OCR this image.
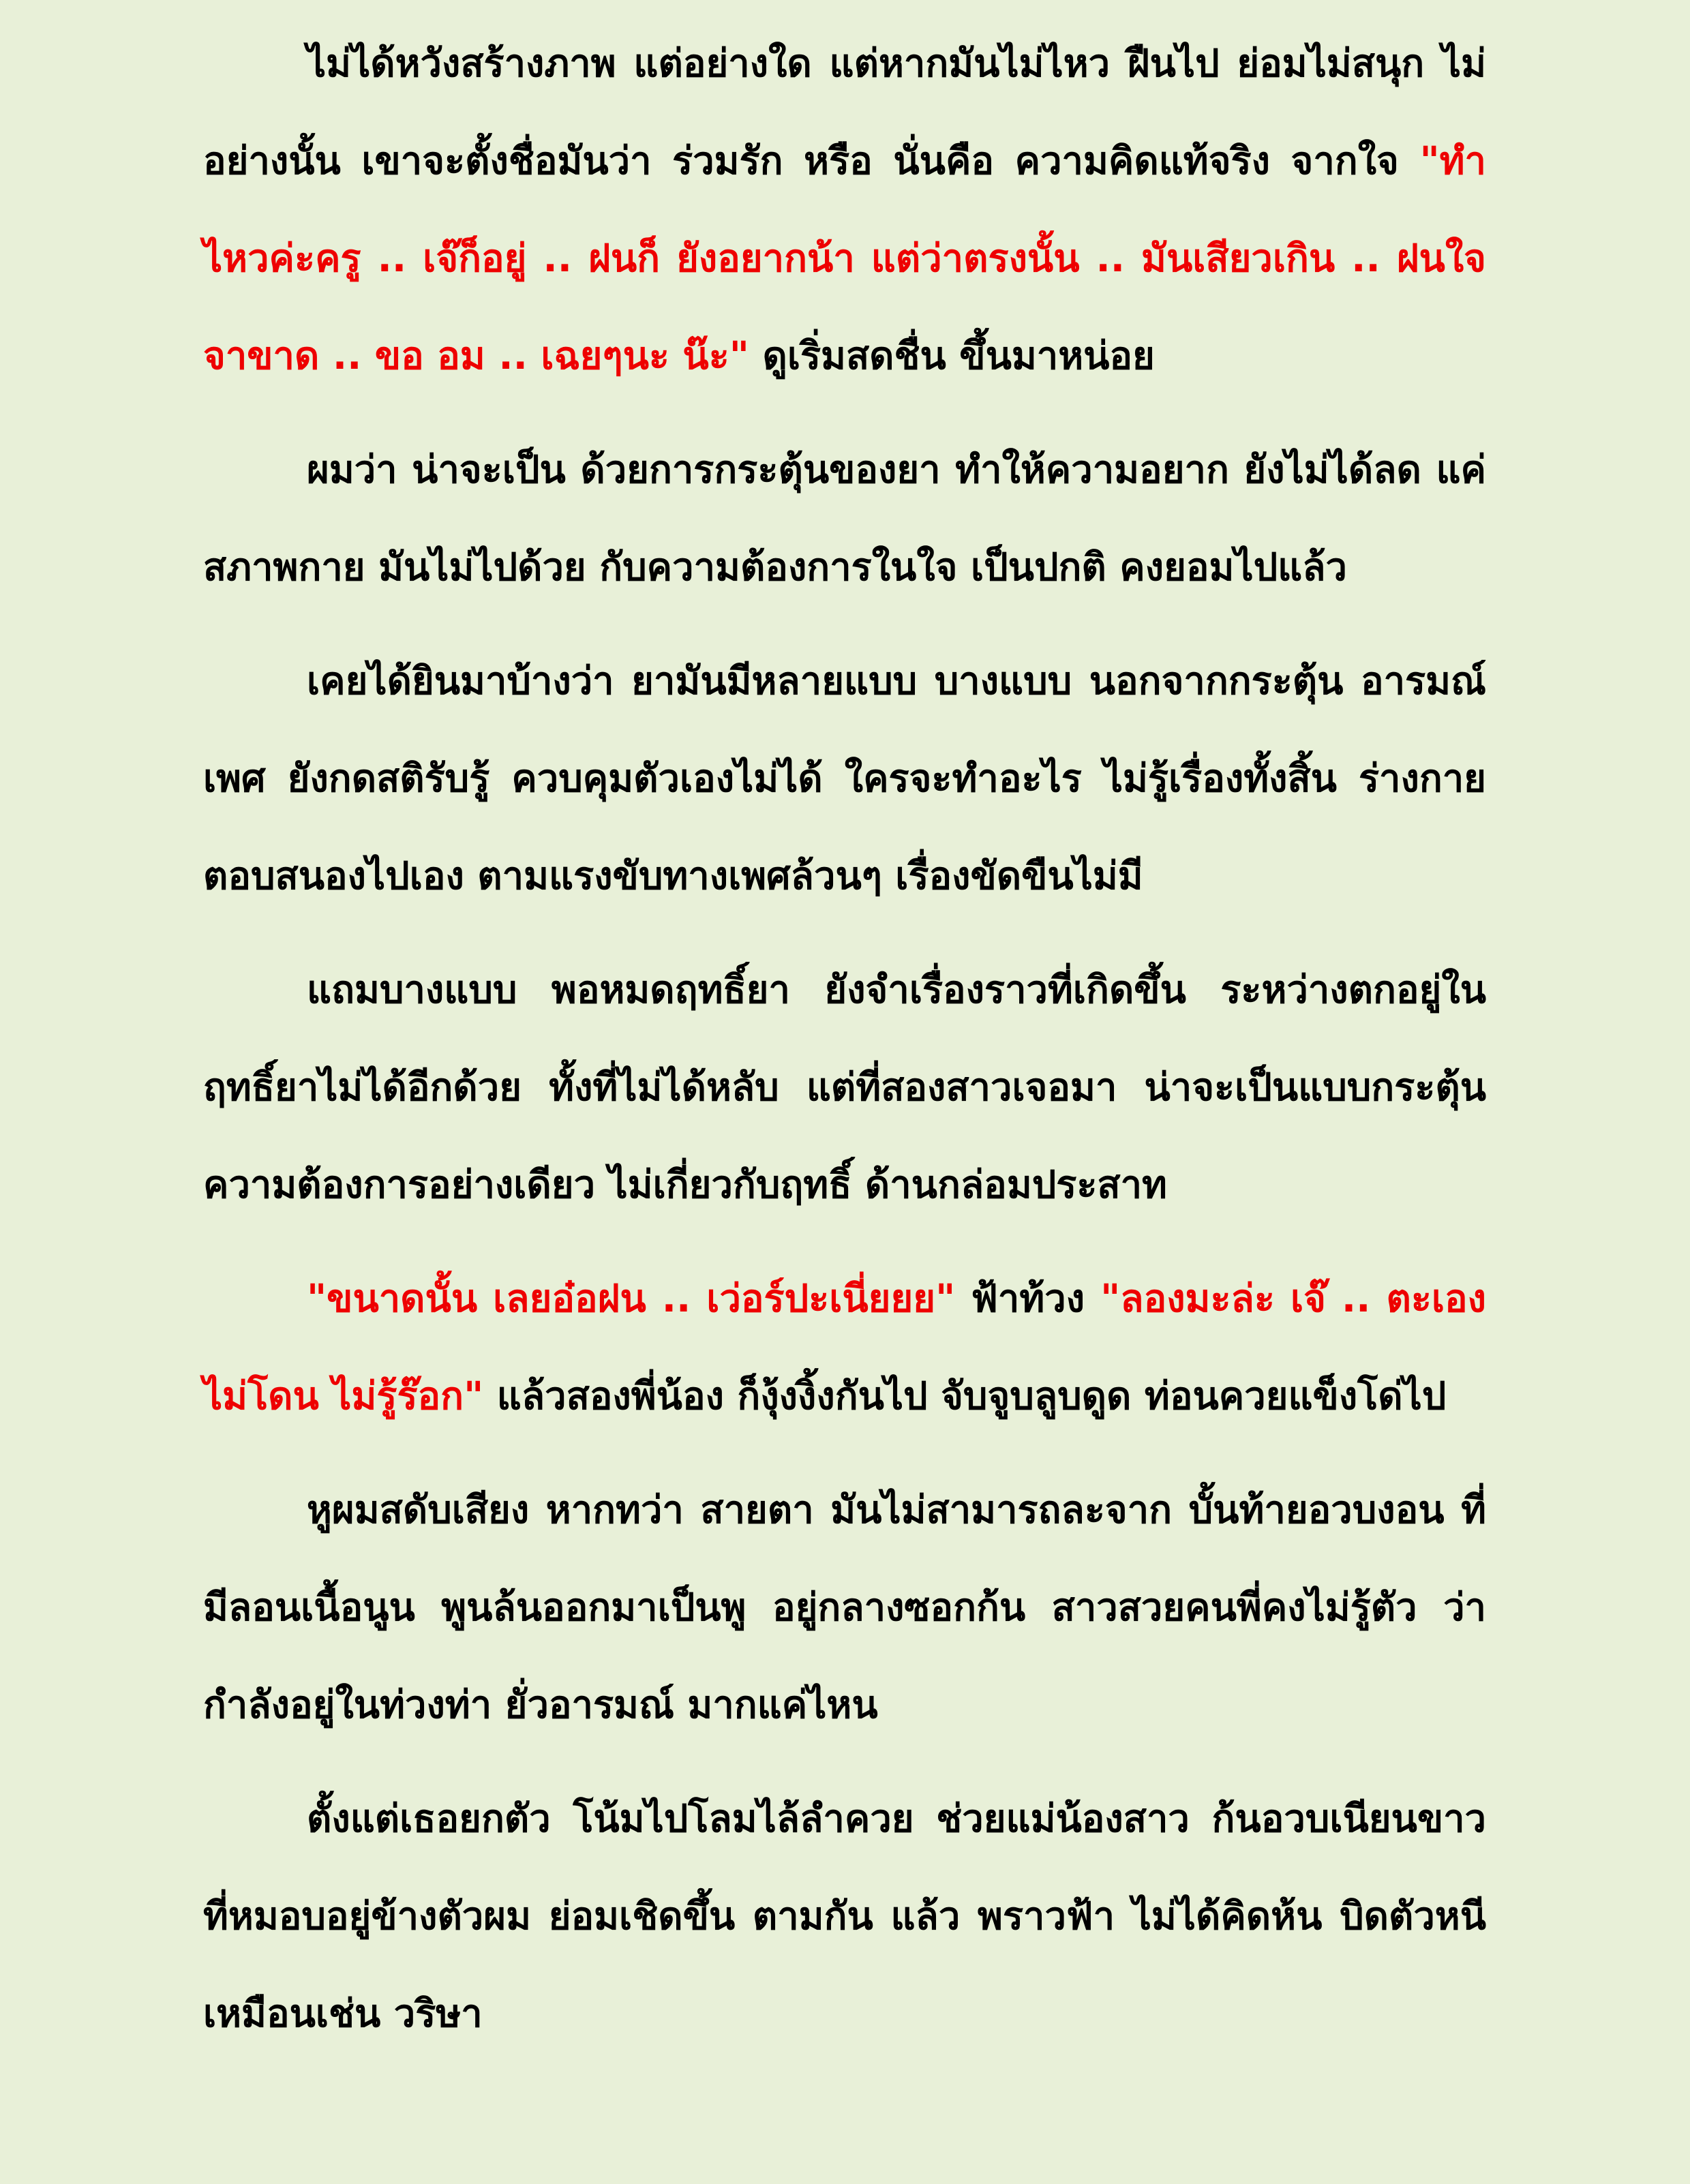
ไม่ได้หวังสร้างภาพ แต่อย่างใด แต่หากมันไม่ไหว ฝืนไป ย่อมไม่สนุก ไม่อย่างนั้น เขาจะตั้งชื่อมันว่า ร่วมรัก หรือ นั่นคือ ความคิดแท้จริง จากใจ "ทำไหวค่ะครู .. เจ๊ก็อยู่ .. ฝนก็ ยังอยากน้า แต่ว่าตรงนั้น .. มันเสียวเกิน .. ฝนใจจาขาด .. ขอ อม .. เฉยๆนะ น๊ะ" ดูเริ่มสดชื่น ขึ้นมาหน่อย

ผมว่า น่าจะเป็น ด้วยการกระตุ้นของยา ทำให้ความอยาก ยังไม่ได้ลด แค่สภาพกาย มันไม่ไปด้วย กับความต้องการในใจ เป็นปกติ คงยอมไปแล้ว

เคยได้ยินมาบ้างว่า ยามันมีหลายแบบ บางแบบ นอกจากกระตุ้น อารมณ์เพศ ยังกดสติรับรู้ ควบคุมตัวเองไม่ได้ ใครจะทำอะไร ไม่รู้เรื่องทั้งสิ้น ร่างกายตอบสนองไปเอง ตามแรงขับทางเพศล้วนๆ เรื่องขัดขืนไม่มี

แถมบางแบบ พอหมดฤทธิ์ยา ยังจำเรื่องราวที่เกิดขึ้น ระหว่างตกอยู่ในฤทธิ์ยาไม่ได้อีกด้วย ทั้งที่ไม่ได้หลับ แต่ที่สองสาวเจอมา น่าจะเป็นแบบกระตุ้น ความต้องการอย่างเดียว ไม่เกี่ยวกับฤทธิ์ ด้านกล่อมประสาท

"ขนาดนั้น เลยอ๋อฝน .. เว่อร์ปะเนี่ยยย" ฟ้าท้วง "ลองมะล่ะ เจ๊ .. ตะเองไม่โดน ไม่รู้ร๊อก" แล้วสองพี่น้อง ก็งุ้งงิ้งกันไป จับจูบลูบดูด ท่อนควยแข็งโด่ไป

หูผมสดับเสียง หากทว่า สายตา มันไม่สามารถละจาก บั้นท้ายอวบงอน ที่มีลอนเนื้อนูน พูนล้นออกมาเป็นพู อยู่กลางซอกก้น สาวสวยคนพี่คงไม่รู้ตัว ว่ากำลังอยู่ในท่วงท่า ยั่วอารมณ์ มากแค่ไหน

ตั้งแต่เธอยกตัว โน้มไปโลมไล้ลำควย ช่วยแม่น้องสาว ก้นอวบเนียนขาว ที่หมอบอยู่ข้างตัวผม ย่อมเชิดขึ้น ตามกัน แล้ว พราวฟ้า ไม่ได้คิดห้น บิดตัวหนี เหมือนเช่น วริษา
